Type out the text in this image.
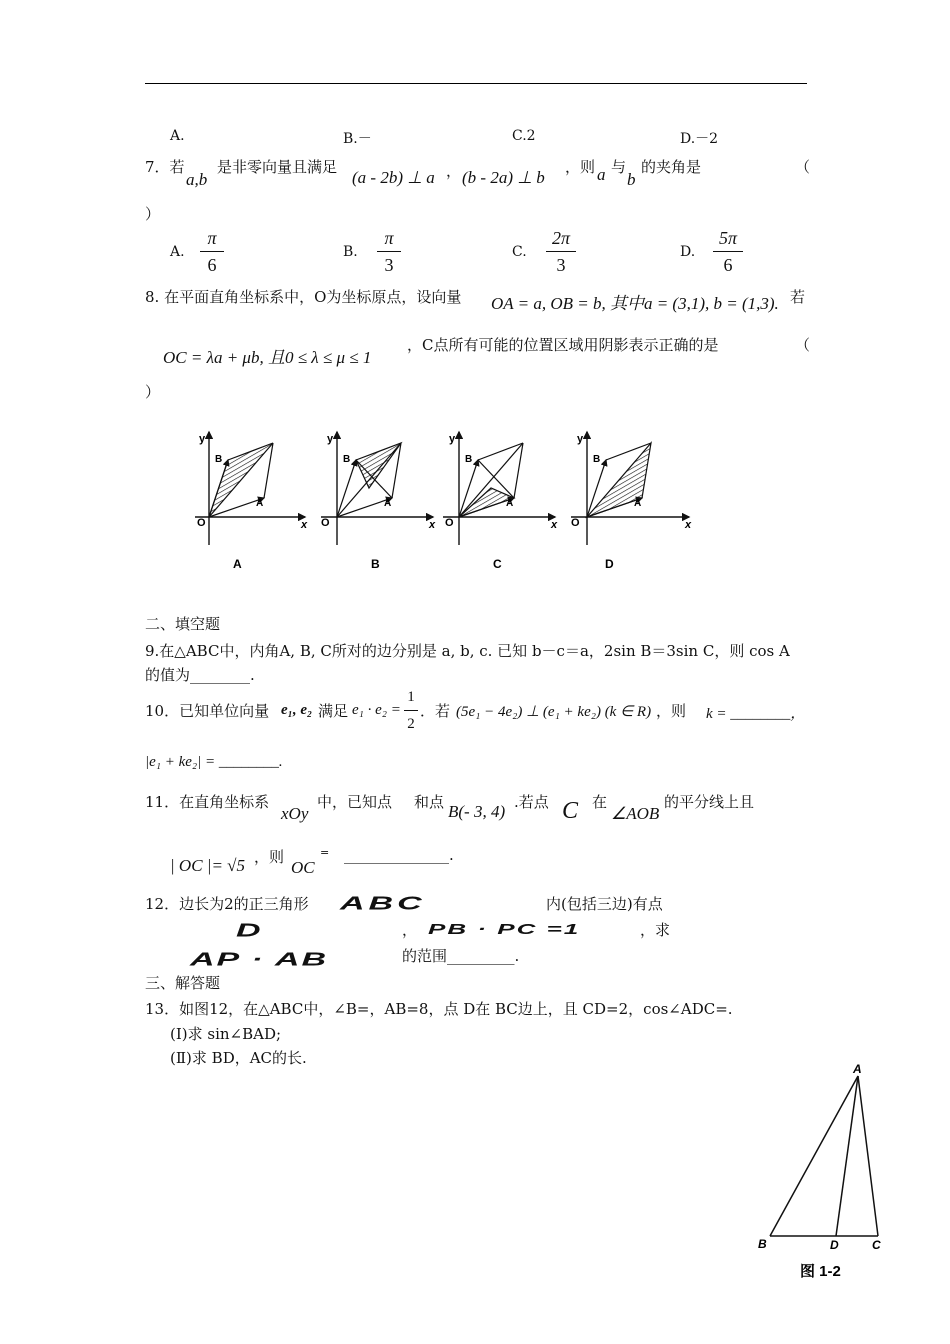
A.	B.－	C.2	D.－2
7．若
a,b
是非零向量且满足
(a - 2b) ⊥ a ， (b - 2a) ⊥ b
，则 a 与
b
的夹角是	（
）
A.
π
6
B.
π
3
C.
2π
3
D.
5π
6
8. 在平面直角坐标系中，O为坐标原点，设向量 OA = a, OB = b, 其中a = (3,1), b = (1,3). 若
OC = λa + μb, 且0 ≤ λ ≤ μ ≤ 1
，C点所有可能的位置区域用阴影表示正确的是	（
）
y
x
O
B
A
A
y
x
O
B
A
B
y
x
O
B
A
C
y
x
O
B
A
D
二、填空题
9.在△ABC中，内角A, B, C所对的边分别是 a, b, c. 已知 b－c＝a，2sin B＝3sin C，则 cos A
的值为________.
10．已知单位向量 e₁, e₂ 满足 e₁ · e₂ =
1
2
．若 (5e₁ − 4e₂) ⊥ (e₁ + ke₂) (k ∈ R) ，则 k = ________，
|e₁ + ke₂| = ________.
11．在直角坐标系
xOy
中，已知点 和点 B(- 3, 4) .若点 C 在
∠AOB
的平分线上且
| OC |= √5 ，则
OC
= ______________.
12．边长为2的正三角形 ABC	内(包括三边)有点
D	， PB · PC =1	，求
AP · AB	的范围_________.
三、解答题
13．如图12，在△ABC中，∠B=，AB=8，点 D在 BC边上，且 CD=2，cos∠ADC=.
(Ⅰ)求 sin∠BAD;
(Ⅱ)求 BD，AC的长.
A
B	D	C
图 1-2
